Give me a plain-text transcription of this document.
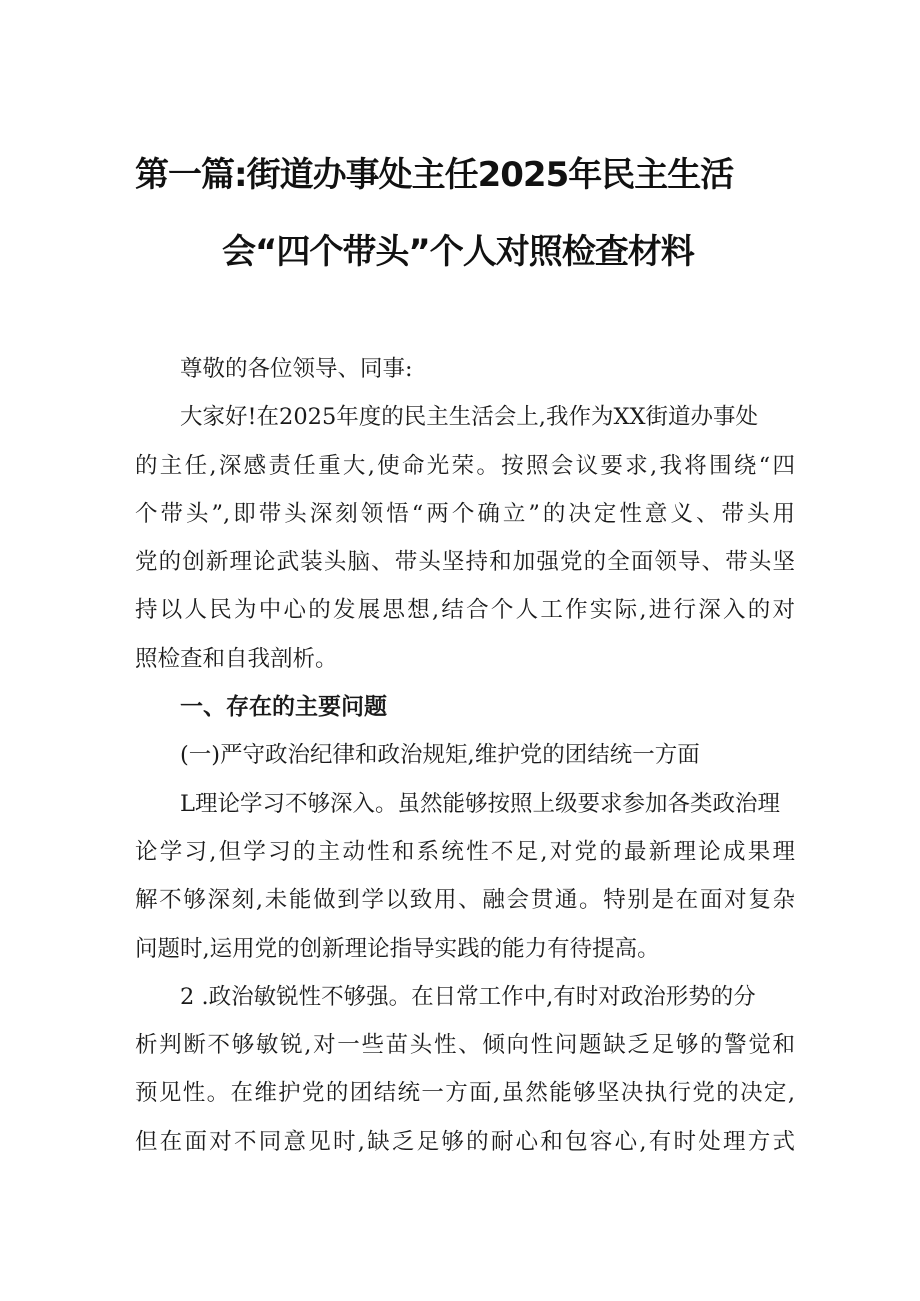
第一篇:街道办事处主任2025年民主生活
会“四个带头”个人对照检查材料
尊敬的各位领导、同事:
大家好!在2025年度的民主生活会上,我作为XX街道办事处
的主任,深感责任重大,使命光荣。按照会议要求,我将围绕“四
个带头”,即带头深刻领悟“两个确立”的决定性意义、带头用
党的创新理论武装头脑、带头坚持和加强党的全面领导、带头坚
持以人民为中心的发展思想,结合个人工作实际,进行深入的对
照检查和自我剖析。
一、存在的主要问题
(一)严守政治纪律和政治规矩,维护党的团结统一方面
L理论学习不够深入。虽然能够按照上级要求参加各类政治理
论学习,但学习的主动性和系统性不足,对党的最新理论成果理
解不够深刻,未能做到学以致用、融会贯通。特别是在面对复杂
问题时,运用党的创新理论指导实践的能力有待提高。
2 .政治敏锐性不够强。在日常工作中,有时对政治形势的分
析判断不够敏锐,对一些苗头性、倾向性问题缺乏足够的警觉和
预见性。在维护党的团结统一方面,虽然能够坚决执行党的决定,
但在面对不同意见时,缺乏足够的耐心和包容心,有时处理方式
